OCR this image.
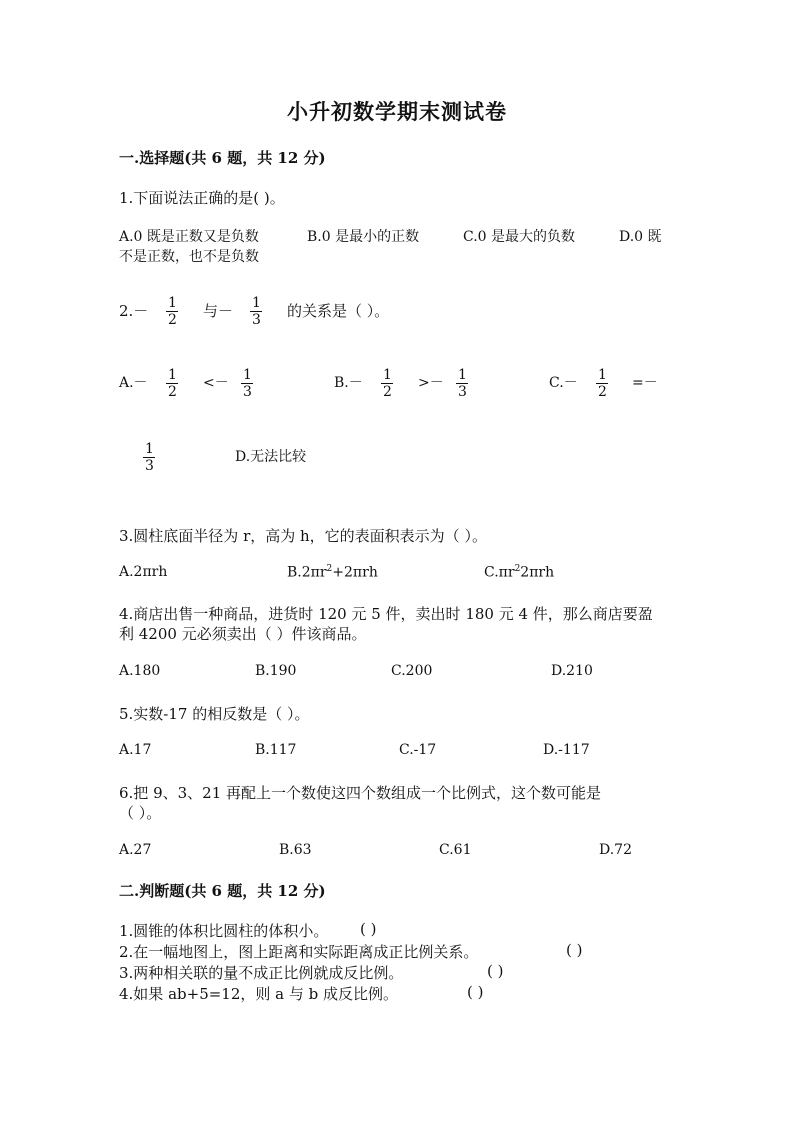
小升初数学期末测试卷
一.选择题(共 6 题，共 12 分)
1.下面说法正确的是( )。
A.0 既是正数又是负数	B.0 是最小的正数	C.0 是最大的负数	D.0 既
不是正数，也不是负数
2.－ 1
2 与－ 1
3 的关系是（ ）。
A.－ 1
2
<－ 1
3
B.－ 1
2
>－ 1
3
C.－ 1
2
=－
1
3
D.无法比较
3.圆柱底面半径为 r，高为 h，它的表面积表示为（ ）。
A.2πrh	$B.2\pi r^2+2\pi rh$	$C.\pi r^22\pi rh$
4.商店出售一种商品，进货时 120 元 5 件，卖出时 180 元 4 件，那么商店要盈
利 4200 元必须卖出（ ）件该商品。
A.180	B.190	C.200	D.210
5.实数-17 的相反数是（ ）。
A.17	B.117	C.-17	D.-117
6.把 9、3、21 再配上一个数使这四个数组成一个比例式，这个数可能是
（ ）。
A.27	B.63	C.61	D.72
二.判断题(共 6 题，共 12 分)
1.圆锥的体积比圆柱的体积小。 ( )
2.在一幅地图上，图上距离和实际距离成正比例关系。	( )
3.两种相关联的量不成正比例就成反比例。	( )
4.如果 ab+5=12，则 a 与 b 成反比例。	( )
